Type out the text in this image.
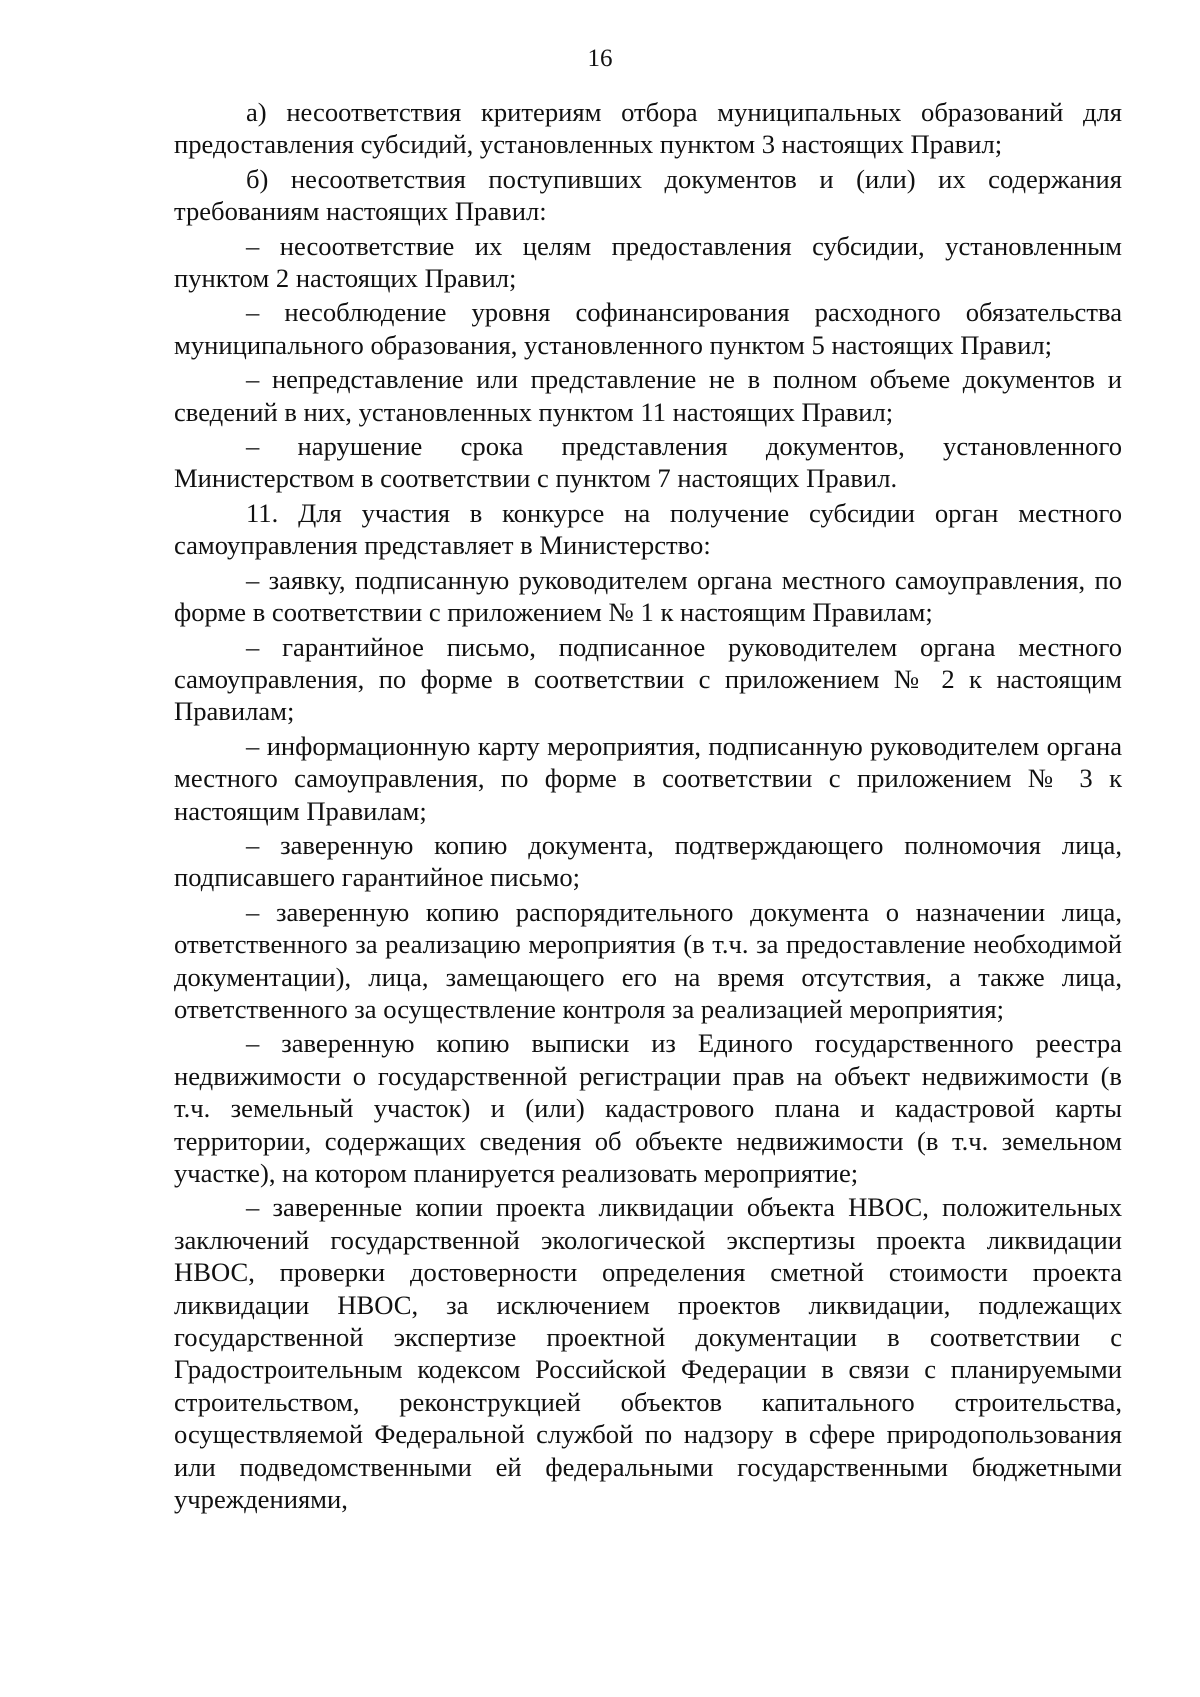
16

а) несоответствия критериям отбора муниципальных образований для предоставления субсидий, установленных пунктом 3 настоящих Правил;

б) несоответствия поступивших документов и (или) их содержания требованиям настоящих Правил:

– несоответствие их целям предоставления субсидии, установленным пунктом 2 настоящих Правил;

– несоблюдение уровня софинансирования расходного обязательства муниципального образования, установленного пунктом 5 настоящих Правил;

– непредставление или представление не в полном объеме документов и сведений в них, установленных пунктом 11 настоящих Правил;

– нарушение срока представления документов, установленного Министерством в соответствии с пунктом 7 настоящих Правил.

11. Для участия в конкурсе на получение субсидии орган местного самоуправления представляет в Министерство:

– заявку, подписанную руководителем органа местного самоуправления, по форме в соответствии с приложением № 1 к настоящим Правилам;

– гарантийное письмо, подписанное руководителем органа местного самоуправления, по форме в соответствии с приложением № 2 к настоящим Правилам;

– информационную карту мероприятия, подписанную руководителем органа местного самоуправления, по форме в соответствии с приложением № 3 к настоящим Правилам;

– заверенную копию документа, подтверждающего полномочия лица, подписавшего гарантийное письмо;

– заверенную копию распорядительного документа о назначении лица, ответственного за реализацию мероприятия (в т.ч. за предоставление необходимой документации), лица, замещающего его на время отсутствия, а также лица, ответственного за осуществление контроля за реализацией мероприятия;

– заверенную копию выписки из Единого государственного реестра недвижимости о государственной регистрации прав на объект недвижимости (в т.ч. земельный участок) и (или) кадастрового плана и кадастровой карты территории, содержащих сведения об объекте недвижимости (в т.ч. земельном участке), на котором планируется реализовать мероприятие;

– заверенные копии проекта ликвидации объекта НВОС, положительных заключений государственной экологической экспертизы проекта ликвидации НВОС, проверки достоверности определения сметной стоимости проекта ликвидации НВОС, за исключением проектов ликвидации, подлежащих государственной экспертизе проектной документации в соответствии с Градостроительным кодексом Российской Федерации в связи с планируемыми строительством, реконструкцией объектов капитального строительства, осуществляемой Федеральной службой по надзору в сфере природопользования или подведомственными ей федеральными государственными бюджетными учреждениями,
